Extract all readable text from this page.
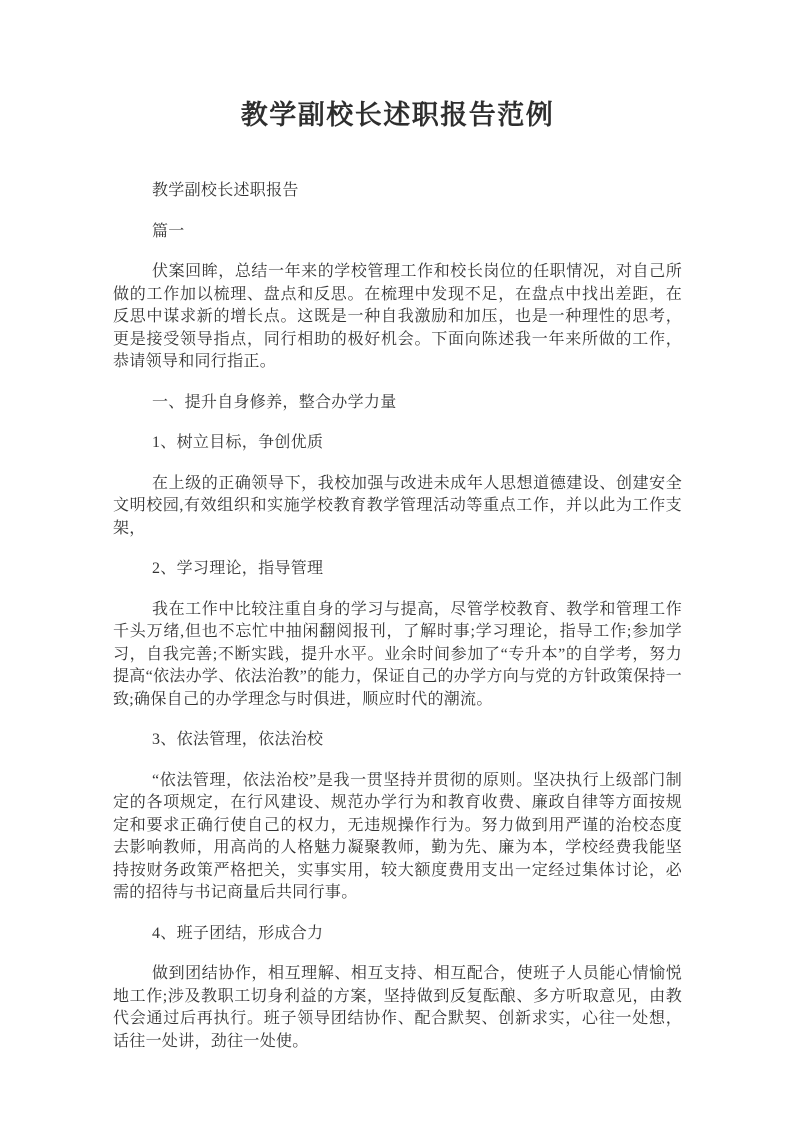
教学副校长述职报告范例

教学副校长述职报告

篇一

伏案回眸，总结一年来的学校管理工作和校长岗位的任职情况，对自己所做的工作加以梳理、盘点和反思。在梳理中发现不足，在盘点中找出差距，在反思中谋求新的增长点。这既是一种自我激励和加压，也是一种理性的思考，更是接受领导指点，同行相助的极好机会。下面向陈述我一年来所做的工作，恭请领导和同行指正。

一、提升自身修养，整合办学力量

1、树立目标，争创优质

在上级的正确领导下，我校加强与改进未成年人思想道德建设、创建安全文明校园,有效组织和实施学校教育教学管理活动等重点工作，并以此为工作支架，

2、学习理论，指导管理

我在工作中比较注重自身的学习与提高，尽管学校教育、教学和管理工作千头万绪,但也不忘忙中抽闲翻阅报刊，了解时事;学习理论，指导工作;参加学习，自我完善;不断实践，提升水平。业余时间参加了“专升本”的自学考，努力提高“依法办学、依法治教”的能力，保证自己的办学方向与党的方针政策保持一致;确保自己的办学理念与时俱进，顺应时代的潮流。

3、依法管理，依法治校

“依法管理，依法治校”是我一贯坚持并贯彻的原则。坚决执行上级部门制定的各项规定，在行风建设、规范办学行为和教育收费、廉政自律等方面按规定和要求正确行使自己的权力，无违规操作行为。努力做到用严谨的治校态度去影响教师，用高尚的人格魅力凝聚教师，勤为先、廉为本，学校经费我能坚持按财务政策严格把关，实事实用，较大额度费用支出一定经过集体讨论，必需的招待与书记商量后共同行事。

4、班子团结，形成合力

做到团结协作，相互理解、相互支持、相互配合，使班子人员能心情愉悦地工作;涉及教职工切身利益的方案，坚持做到反复酝酿、多方听取意见，由教代会通过后再执行。班子领导团结协作、配合默契、创新求实，心往一处想，话往一处讲，劲往一处使。
